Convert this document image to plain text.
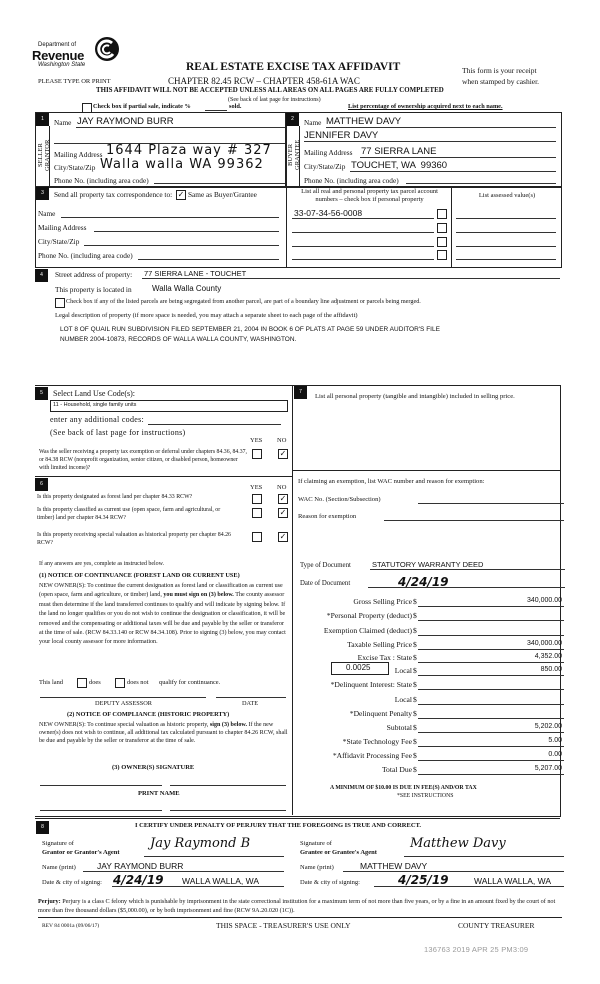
Department of
Revenue
Washington State	REAL ESTATE EXCISE TAX AFFIDAVIT
CHAPTER 82.45 RCW – CHAPTER 458-61A WAC
PLEASE TYPE OR PRINT
This form is your receipt
when stamped by cashier.
THIS AFFIDAVIT WILL NOT BE ACCEPTED UNLESS ALL AREAS ON ALL PAGES ARE FULLY COMPLETED
(See back of last page for instructions)
Check box if partial sale, indicate %	sold.	List percentage of ownership acquired next to each name.
1
SELLER GRANTOR
Name JAY RAYMOND BURR
Mailing Address 1644 Plaza way # 327
City/State/Zip Walla walla WA 99362
Phone No. (including area code)
2
BUYER GRANTEE
Name MATTHEW DAVY
JENNIFER DAVY
Mailing Address 77 SIERRA LANE
City/State/Zip TOUCHET, WA  99360
Phone No. (including area code)
3	Send all property tax correspondence to: ✓ Same as Buyer/Grantee
Name
Mailing Address
City/State/Zip
Phone No. (including area code)
List all real and personal property tax parcel account
numbers – check box if personal property
List assessed value(s)
33-07-34-56-0008
4	Street address of property: 77 SIERRA LANE - TOUCHET
This property is located in	Walla Walla County
Check box if any of the listed parcels are being segregated from another parcel, are part of a boundary line adjustment or parcels being merged.
Legal description of property (if more space is needed, you may attach a separate sheet to each page of the affidavit)
LOT 8 OF QUAIL RUN SUBDIVISION FILED SEPTEMBER 21, 2004 IN BOOK 6 OF PLATS AT PAGE 59 UNDER AUDITOR'S FILE
NUMBER 2004-10873, RECORDS OF WALLA WALLA COUNTY, WASHINGTON.
5	Select Land Use Code(s):
11 - Household, single family units
enter any additional codes:
(See back of last page for instructions)
YES NO
Was the seller receiving a property tax exemption or deferral under chapters 84.36, 84.37, or 84.38 RCW (nonprofit organization, senior citizen, or disabled person, homeowner with limited income)?
✓
6	YES NO
Is this property designated as forest land per chapter 84.33 RCW?	✓
Is this property classified as current use (open space, farm and agricultural, or timber) land per chapter 84.34 RCW?
✓
Is this property receiving special valuation as historical property per chapter 84.26 RCW?
✓
If any answers are yes, complete as instructed below.
(1) NOTICE OF CONTINUANCE (FOREST LAND OR CURRENT USE)
NEW OWNER(S): To continue the current designation as forest land or classification as current use (open space, farm and agriculture, or timber) land, you must sign on (3) below. The county assessor must then determine if the land transferred continues to qualify and will indicate by signing below. If the land no longer qualifies or you do not wish to continue the designation or classification, it will be removed and the compensating or additional taxes will be due and payable by the seller or transferor at the time of sale. (RCW 84.33.140 or RCW 84.34.108). Prior to signing (3) below, you may contact your local county assessor for more information.
This land	does	does not qualify for continuance.
DEPUTY ASSESSOR	DATE
(2) NOTICE OF COMPLIANCE (HISTORIC PROPERTY)
NEW OWNER(S): To continue special valuation as historic property, sign (3) below. If the new owner(s) does not wish to continue, all additional tax calculated pursuant to chapter 84.26 RCW, shall be due and payable by the seller or transferor at the time of sale.
(3) OWNER(S) SIGNATURE
PRINT NAME
7
List all personal property (tangible and intangible) included in selling price.
If claiming an exemption, list WAC number and reason for exemption:
WAC No. (Section/Subsection)
Reason for exemption
Type of Document	STATUTORY WARRANTY DEED
Date of Document	4/24/19
Gross Selling Price $	340,000.00
*Personal Property (deduct) $
Exemption Claimed (deduct) $
Taxable Selling Price $	340,000.00
Excise Tax : State $	4,352.00
Local $	850.00
*Delinquent Interest: State $
Local $
*Delinquent Penalty $
Subtotal $	5,202.00
*State Technology Fee $	5.00
*Affidavit Processing Fee $	0.00
Total Due $	5,207.00
0.0025
A MINIMUM OF $10.00 IS DUE IN FEE(S) AND/OR TAX
*SEE INSTRUCTIONS
8	I CERTIFY UNDER PENALTY OF PERJURY THAT THE FOREGOING IS TRUE AND CORRECT.
Signature of
Grantor or Grantor's Agent
Jay Raymond B
Name (print) JAY RAYMOND BURR
Date & city of signing: 4/24/19 WALLA WALLA, WA
Signature of
Grantee or Grantee's Agent
Matthew Davy
Name (print)	MATTHEW DAVY
Date & city of signing:	4/25/19	WALLA WALLA, WA
Perjury: Perjury is a class C felony which is punishable by imprisonment in the state correctional institution for a maximum term of not more than five years, or by a fine in an amount fixed by the court of not more than five thousand dollars ($5,000.00), or by both imprisonment and fine (RCW 9A.20.020 (1C)).
REV 84 0001a (09/06/17)	THIS SPACE - TREASURER'S USE ONLY	COUNTY TREASURER
136763 2019 APR 25 PM3:09
